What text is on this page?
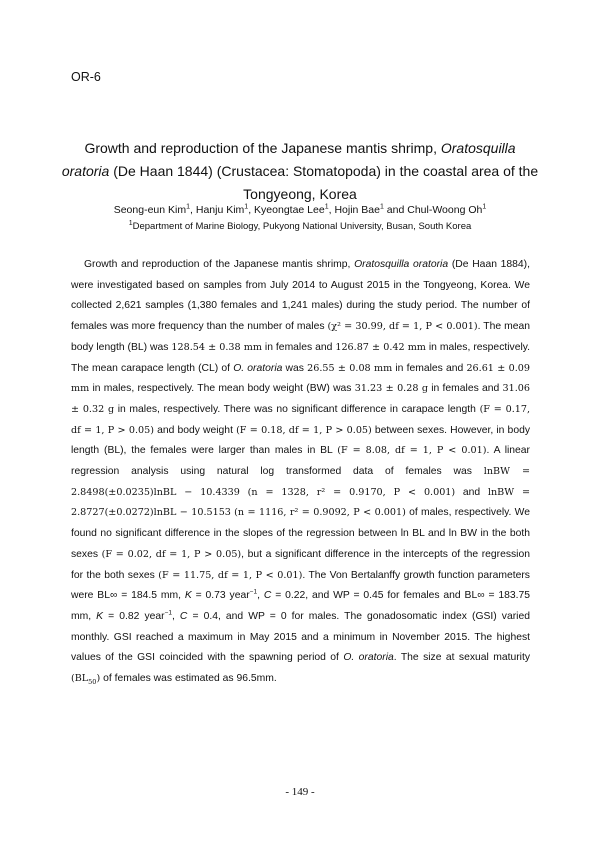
OR-6
Growth and reproduction of the Japanese mantis shrimp, Oratosquilla oratoria (De Haan 1844) (Crustacea: Stomatopoda) in the coastal area of the Tongyeong, Korea
Seong-eun Kim$^1$, Hanju Kim$^1$, Kyeongtae Lee$^1$, Hojin Bae$^1$ and Chul-Woong Oh$^1$
$^1$Department of Marine Biology, Pukyong National University, Busan, South Korea
Growth and reproduction of the Japanese mantis shrimp, Oratosquilla oratoria (De Haan 1884), were investigated based on samples from July 2014 to August 2015 in the Tongyeong, Korea. We collected 2,621 samples (1,380 females and 1,241 males) during the study period. The number of females was more frequency than the number of males (χ² = 30.99, df = 1, P < 0.001). The mean body length (BL) was 128.54 ± 0.38 mm in females and 126.87 ± 0.42 mm in males, respectively. The mean carapace length (CL) of O. oratoria was 26.55 ± 0.08 mm in females and 26.61 ± 0.09 mm in males, respectively. The mean body weight (BW) was 31.23 ± 0.28 g in females and 31.06 ± 0.32 g in males, respectively. There was no significant difference in carapace length (F = 0.17, df = 1, P > 0.05) and body weight (F = 0.18, df = 1, P > 0.05) between sexes. However, in body length (BL), the females were larger than males in BL (F = 8.08, df = 1, P < 0.01). A linear regression analysis using natural log transformed data of females was lnBW = 2.8498(±0.0235)lnBL − 10.4339 (n = 1328, r² = 0.9170, P < 0.001) and lnBW = 2.8727(±0.0272)lnBL − 10.5153 (n = 1116, r² = 0.9092, P < 0.001) of males, respectively. We found no significant difference in the slopes of the regression between ln BL and ln BW in the both sexes (F = 0.02, df = 1, P > 0.05), but a significant difference in the intercepts of the regression for the both sexes (F = 11.75, df = 1, P < 0.01). The Von Bertalanffy growth function parameters were BL∞ = 184.5 mm, K = 0.73 year$^{-1}$, C = 0.22, and WP = 0.45 for females and BL∞ = 183.75 mm, K = 0.82 year$^{-1}$, C = 0.4, and WP = 0 for males. The gonadosomatic index (GSI) varied monthly. GSI reached a maximum in May 2015 and a minimum in November 2015. The highest values of the GSI coincided with the spawning period of O. oratoria. The size at sexual maturity $(BL_{50})$ of females was estimated as 96.5mm.
- 149 -
